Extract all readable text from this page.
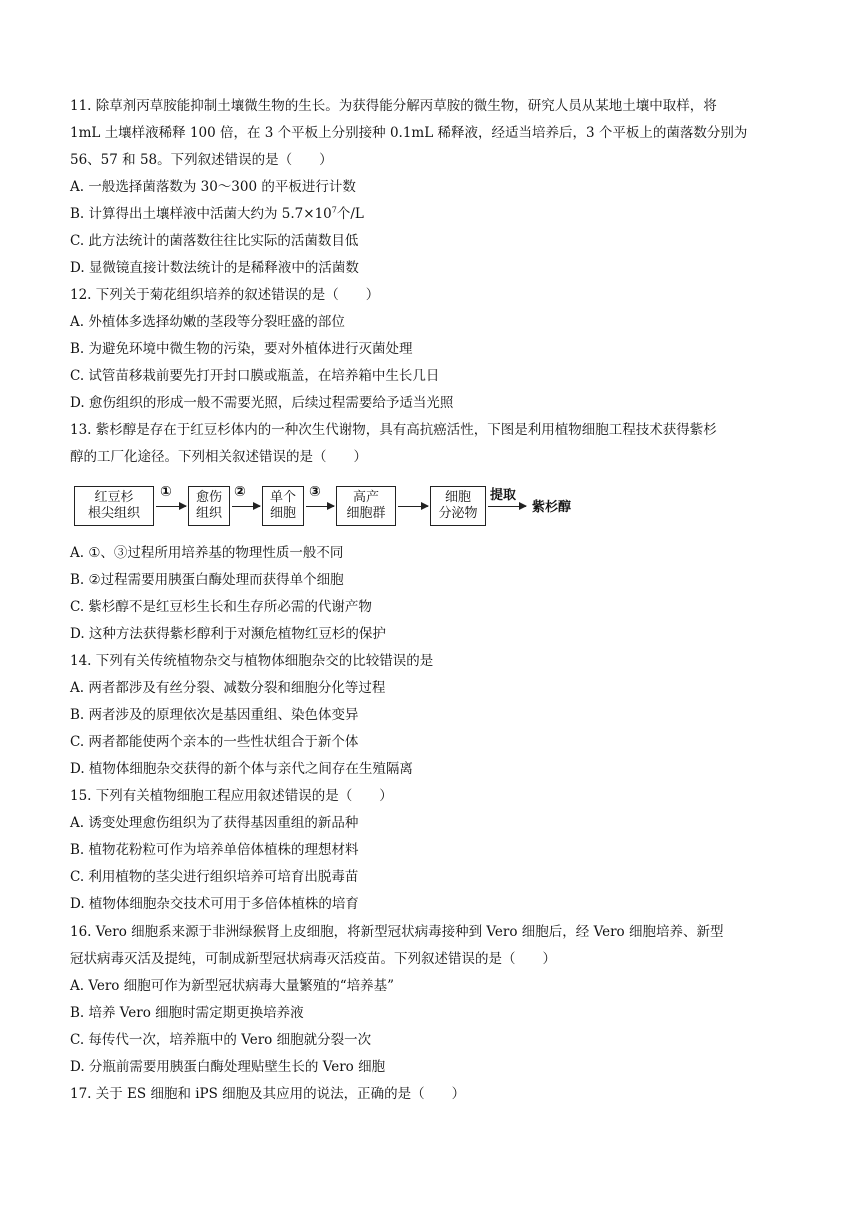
11. 除草剂丙草胺能抑制土壤微生物的生长。为获得能分解丙草胺的微生物，研究人员从某地土壤中取样，将
1mL 土壤样液稀释 100 倍，在 3 个平板上分别接种 0.1mL 稀释液，经适当培养后，3 个平板上的菌落数分别为
56、57 和 58。下列叙述错误的是（　　）
A. 一般选择菌落数为 30～300 的平板进行计数
B. 计算得出土壤样液中活菌大约为 $5.7\times 10^7$个/L
C. 此方法统计的菌落数往往比实际的活菌数目低
D. 显微镜直接计数法统计的是稀释液中的活菌数
12. 下列关于菊花组织培养的叙述错误的是（　　）
A. 外植体多选择幼嫩的茎段等分裂旺盛的部位
B. 为避免环境中微生物的污染，要对外植体进行灭菌处理
C. 试管苗移栽前要先打开封口膜或瓶盖，在培养箱中生长几日
D. 愈伤组织的形成一般不需要光照，后续过程需要给予适当光照
13. 紫杉醇是存在于红豆杉体内的一种次生代谢物，具有高抗癌活性，下图是利用植物细胞工程技术获得紫杉
醇的工厂化途径。下列相关叙述错误的是（　　）
红豆杉
根尖组织
① 愈伤
组织
② 单个
细胞
③ 高产
细胞群
细胞
分泌物
提取
紫杉醇
A. ①、③过程所用培养基的物理性质一般不同
B. ②过程需要用胰蛋白酶处理而获得单个细胞
C. 紫杉醇不是红豆杉生长和生存所必需的代谢产物
D. 这种方法获得紫杉醇利于对濒危植物红豆杉的保护
14. 下列有关传统植物杂交与植物体细胞杂交的比较错误的是
A. 两者都涉及有丝分裂、减数分裂和细胞分化等过程
B. 两者涉及的原理依次是基因重组、染色体变异
C. 两者都能使两个亲本的一些性状组合于新个体
D. 植物体细胞杂交获得的新个体与亲代之间存在生殖隔离
15. 下列有关植物细胞工程应用叙述错误的是（　　）
A. 诱变处理愈伤组织为了获得基因重组的新品种
B. 植物花粉粒可作为培养单倍体植株的理想材料
C. 利用植物的茎尖进行组织培养可培育出脱毒苗
D. 植物体细胞杂交技术可用于多倍体植株的培育
16. Vero 细胞系来源于非洲绿猴肾上皮细胞，将新型冠状病毒接种到 Vero 细胞后，经 Vero 细胞培养、新型
冠状病毒灭活及提纯，可制成新型冠状病毒灭活疫苗。下列叙述错误的是（　　）
A. Vero 细胞可作为新型冠状病毒大量繁殖的“培养基”
B. 培养 Vero 细胞时需定期更换培养液
C. 每传代一次，培养瓶中的 Vero 细胞就分裂一次
D. 分瓶前需要用胰蛋白酶处理贴壁生长的 Vero 细胞
17. 关于 ES 细胞和 iPS 细胞及其应用的说法，正确的是（　　）
